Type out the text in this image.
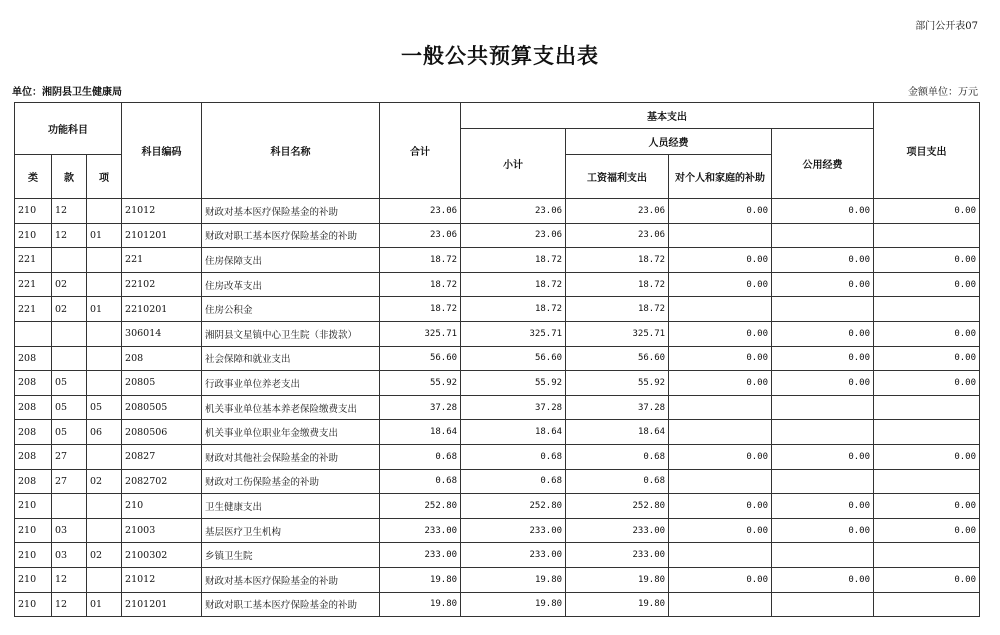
部门公开表07
一般公共预算支出表
单位：湘阴县卫生健康局	金额单位：万元
功能科目			科目编码	科目名称	合计	基本支出				项目支出
						小计	人员经费		公用经费	
类	款	项					工资福利支出	对个人和家庭的补助		
210	12		21012	财政对基本医疗保险基金的补助	23.06	23.06	23.06	0.00	0.00	0.00
210	12	01	2101201	财政对职工基本医疗保险基金的补助	23.06	23.06	23.06			
221			221	住房保障支出	18.72	18.72	18.72	0.00	0.00	0.00
221	02		22102	住房改革支出	18.72	18.72	18.72	0.00	0.00	0.00
221	02	01	2210201	住房公积金	18.72	18.72	18.72			
			306014	湘阴县文星镇中心卫生院（非拨款）	325.71	325.71	325.71	0.00	0.00	0.00
208			208	社会保障和就业支出	56.60	56.60	56.60	0.00	0.00	0.00
208	05		20805	行政事业单位养老支出	55.92	55.92	55.92	0.00	0.00	0.00
208	05	05	2080505	机关事业单位基本养老保险缴费支出	37.28	37.28	37.28			
208	05	06	2080506	机关事业单位职业年金缴费支出	18.64	18.64	18.64			
208	27		20827	财政对其他社会保险基金的补助	0.68	0.68	0.68	0.00	0.00	0.00
208	27	02	2082702	财政对工伤保险基金的补助	0.68	0.68	0.68			
210			210	卫生健康支出	252.80	252.80	252.80	0.00	0.00	0.00
210	03		21003	基层医疗卫生机构	233.00	233.00	233.00	0.00	0.00	0.00
210	03	02	2100302	乡镇卫生院	233.00	233.00	233.00			
210	12		21012	财政对基本医疗保险基金的补助	19.80	19.80	19.80	0.00	0.00	0.00
210	12	01	2101201	财政对职工基本医疗保险基金的补助	19.80	19.80	19.80			
